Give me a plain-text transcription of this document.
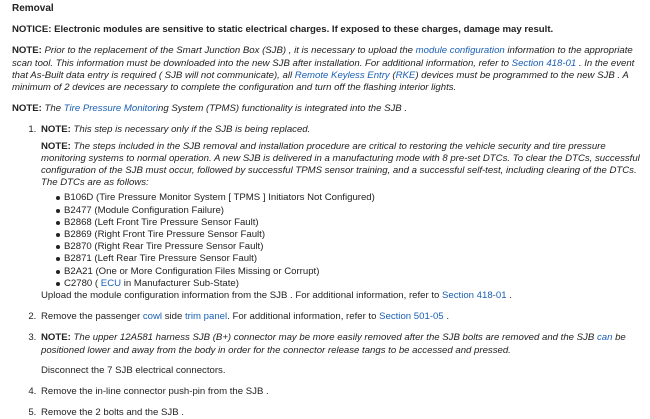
Removal

NOTICE: Electronic modules are sensitive to static electrical charges. If exposed to these charges, damage may result.

NOTE: Prior to the replacement of the Smart Junction Box (SJB) , it is necessary to upload the module configuration information to the appropriate scan tool. This information must be downloaded into the new SJB after installation. For additional information, refer to Section 418-01 . In the event that As-Built data entry is required ( SJB will not communicate), all Remote Keyless Entry (RKE) devices must be programmed to the new SJB . A minimum of 2 devices are necessary to complete the configuration and turn off the flashing interior lights.

NOTE: The Tire Pressure Monitoring System (TPMS) functionality is integrated into the SJB .

1. NOTE: This step is necessary only if the SJB is being replaced.
NOTE: The steps included in the SJB removal and installation procedure are critical to restoring the vehicle security and tire pressure monitoring systems to normal operation. A new SJB is delivered in a manufacturing mode with 8 pre-set DTCs. To clear the DTCs, successful configuration of the SJB must occur, followed by successful TPMS sensor training, and a successful self-test, including clearing of the DTCs. The DTCs are as follows:
B106D (Tire Pressure Monitor System [ TPMS ] Initiators Not Configured)
B2477 (Module Configuration Failure)
B2868 (Left Front Tire Pressure Sensor Fault)
B2869 (Right Front Tire Pressure Sensor Fault)
B2870 (Right Rear Tire Pressure Sensor Fault)
B2871 (Left Rear Tire Pressure Sensor Fault)
B2A21 (One or More Configuration Files Missing or Corrupt)
C2780 ( ECU in Manufacturer Sub-State)
Upload the module configuration information from the SJB . For additional information, refer to Section 418-01 .
2. Remove the passenger cowl side trim panel. For additional information, refer to Section 501-05 .
3. NOTE: The upper 12A581 harness SJB (B+) connector may be more easily removed after the SJB bolts are removed and the SJB can be positioned lower and away from the body in order for the connector release tangs to be accessed and pressed.
Disconnect the 7 SJB electrical connectors.
4. Remove the in-line connector push-pin from the SJB .
5. Remove the 2 bolts and the SJB .
